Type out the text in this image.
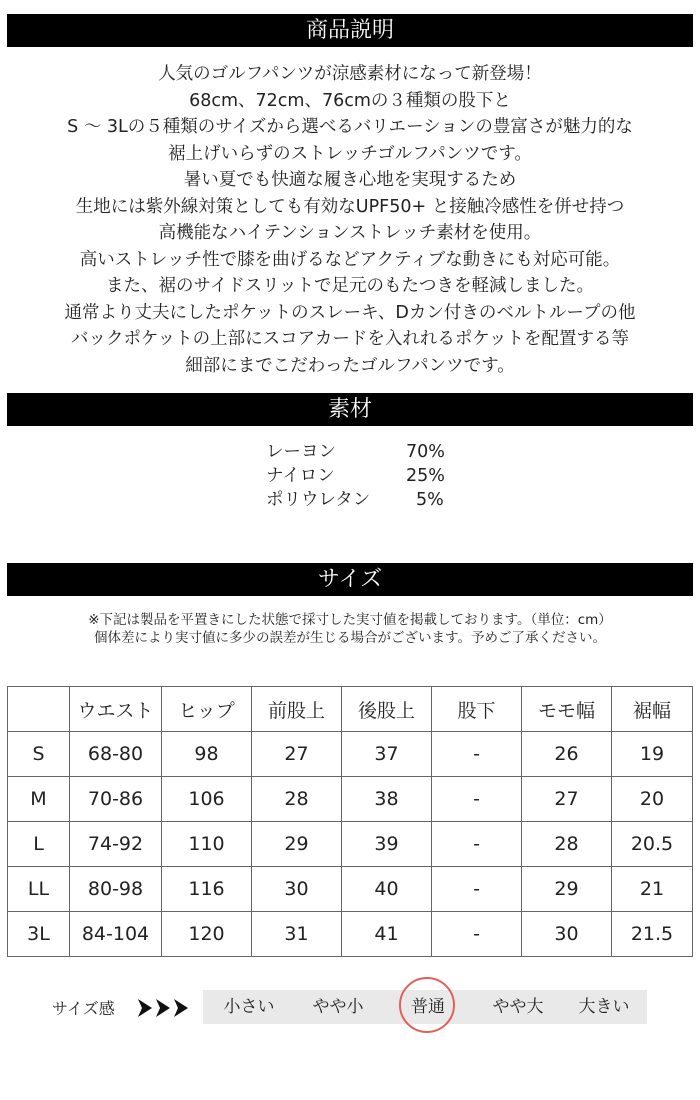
商品説明
人気のゴルフパンツが涼感素材になって新登場！
68cm、72cm、76cmの３種類の股下と
S ～ 3Lの５種類のサイズから選べるバリエーションの豊富さが魅力的な
裾上げいらずのストレッチゴルフパンツです。
暑い夏でも快適な履き心地を実現するため
生地には紫外線対策としても有効なUPF50+ と接触冷感性を併せ持つ
高機能なハイテンションストレッチ素材を使用。
高いストレッチ性で膝を曲げるなどアクティブな動きにも対応可能。
また、裾のサイドスリットで足元のもたつきを軽減しました。
通常より丈夫にしたポケットのスレーキ、Dカン付きのベルトループの他
バックポケットの上部にスコアカードを入れれるポケットを配置する等
細部にまでこだわったゴルフパンツです。
素材
レーヨン	70%
ナイロン	25%
ポリウレタン	5%
サイズ
※下記は製品を平置きにした状態で採寸した実寸値を掲載しております。（単位：cm）
個体差により実寸値に多少の誤差が生じる場合がございます。予めご了承ください。
	ウエスト	ヒップ	前股上	後股上	股下	モモ幅	裾幅
S	68-80	98	27	37	-	26	19
M	70-86	106	28	38	-	27	20
L	74-92	110	29	39	-	28	20.5
LL	80-98	116	30	40	-	29	21
3L	84-104	120	31	41	-	30	21.5
サイズ感	小さい	やや小	普通	やや大	大きい
